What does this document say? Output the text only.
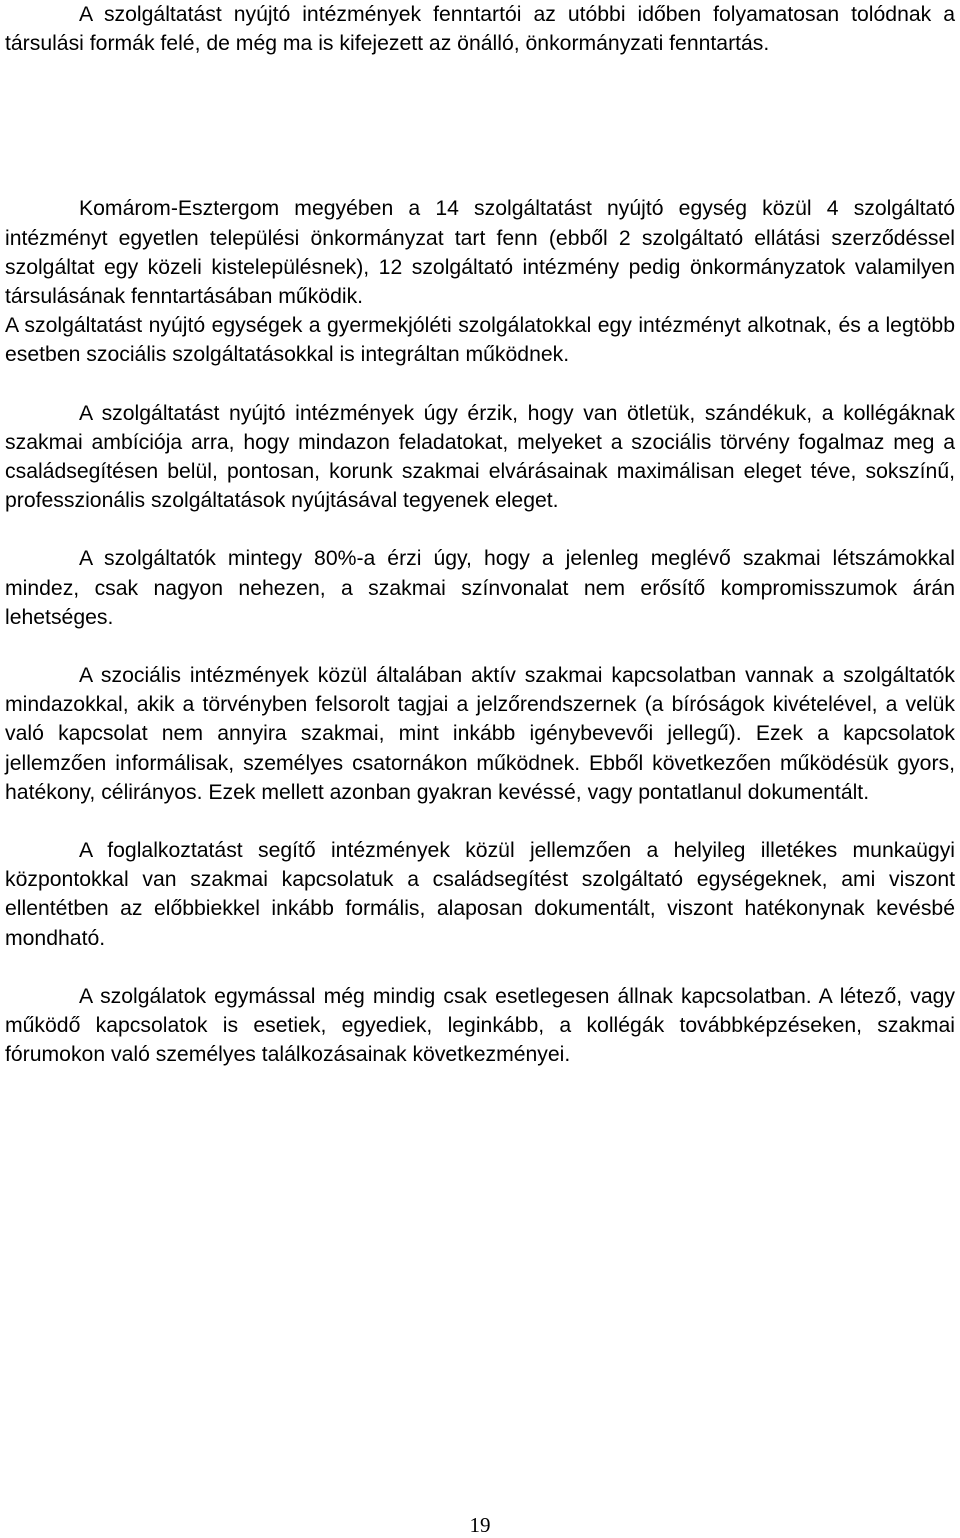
A szolgáltatást nyújtó intézmények fenntartói az utóbbi időben folyamatosan tolódnak a társulási formák felé, de még ma is kifejezett az önálló, önkormányzati fenntartás.

Komárom-Esztergom megyében a 14 szolgáltatást nyújtó egység közül 4 szolgáltató intézményt egyetlen települési önkormányzat tart fenn (ebből 2 szolgáltató ellátási szerződéssel szolgáltat egy közeli kistelepülésnek), 12 szolgáltató intézmény pedig önkormányzatok valamilyen társulásának fenntartásában működik.

A szolgáltatást nyújtó egységek a gyermekjóléti szolgálatokkal egy intézményt alkotnak, és a legtöbb esetben szociális szolgáltatásokkal is integráltan működnek.

A szolgáltatást nyújtó intézmények úgy érzik, hogy van ötletük, szándékuk, a kollégáknak szakmai ambíciója arra, hogy mindazon feladatokat, melyeket a szociális törvény fogalmaz meg a családsegítésen belül, pontosan, korunk szakmai elvárásainak maximálisan eleget téve, sokszínű, professzionális szolgáltatások nyújtásával tegyenek eleget.

A szolgáltatók mintegy 80%-a érzi úgy, hogy a jelenleg meglévő szakmai létszámokkal mindez, csak nagyon nehezen, a szakmai színvonalat nem erősítő kompromisszumok árán lehetséges.

A szociális intézmények közül általában aktív szakmai kapcsolatban vannak a szolgáltatók mindazokkal, akik a törvényben felsorolt tagjai a jelzőrendszernek (a bíróságok kivételével, a velük való kapcsolat nem annyira szakmai, mint inkább igénybevevői jellegű). Ezek a kapcsolatok jellemzően informálisak, személyes csatornákon működnek. Ebből következően működésük gyors, hatékony, célirányos. Ezek mellett azonban gyakran kevéssé, vagy pontatlanul dokumentált.

A foglalkoztatást segítő intézmények közül jellemzően a helyileg illetékes munkaügyi központokkal van szakmai kapcsolatuk a családsegítést szolgáltató egységeknek, ami viszont ellentétben az előbbiekkel inkább formális, alaposan dokumentált, viszont hatékonynak kevésbé mondható.

A szolgálatok egymással még mindig csak esetlegesen állnak kapcsolatban. A létező, vagy működő kapcsolatok is esetiek, egyediek, leginkább, a kollégák továbbképzéseken, szakmai fórumokon való személyes találkozásainak következményei.

19
